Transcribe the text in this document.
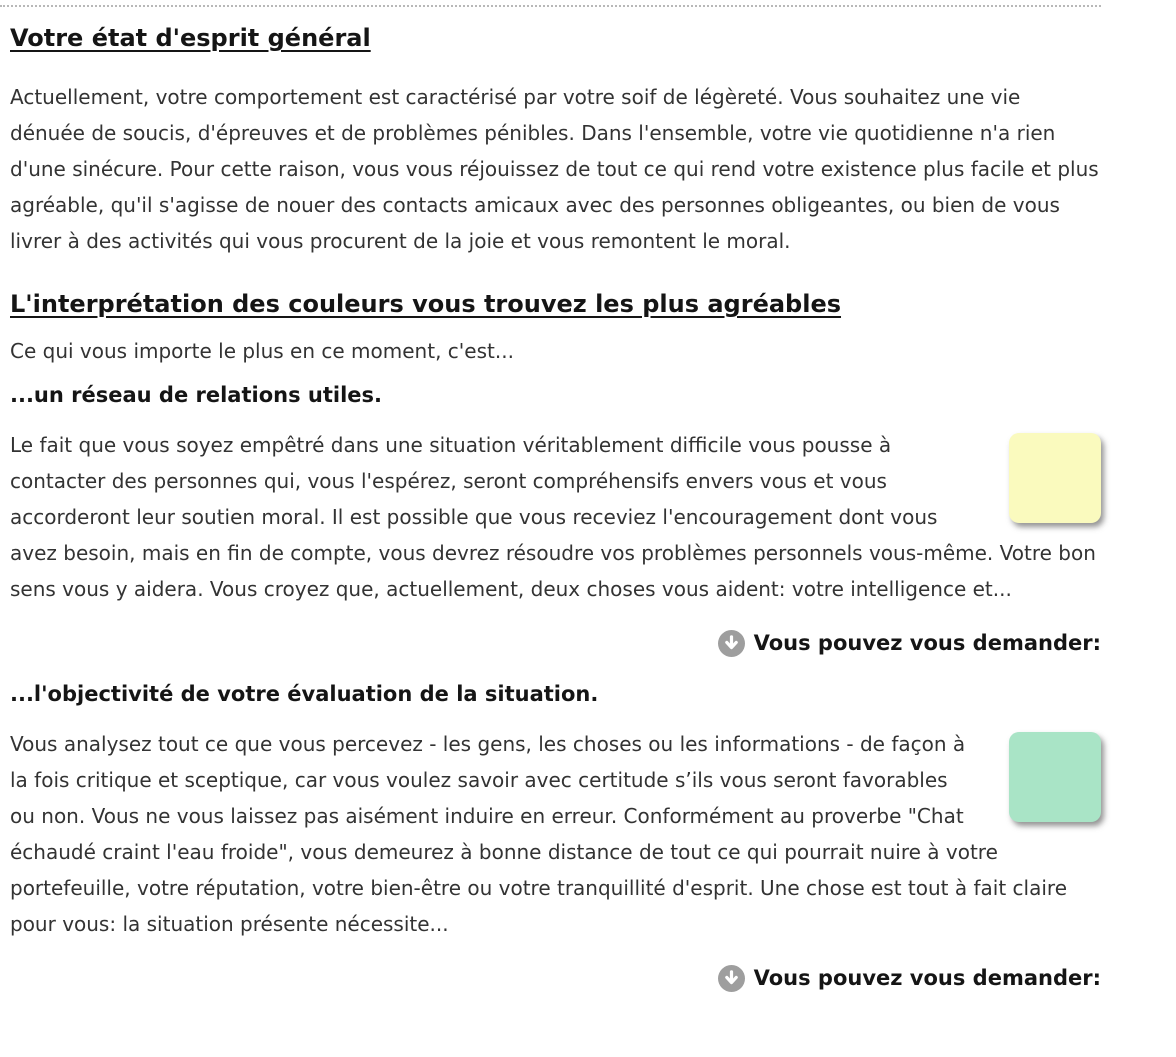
Votre état d'esprit général

Actuellement, votre comportement est caractérisé par votre soif de légèreté. Vous souhaitez une vie dénuée de soucis, d'épreuves et de problèmes pénibles. Dans l'ensemble, votre vie quotidienne n'a rien d'une sinécure. Pour cette raison, vous vous réjouissez de tout ce qui rend votre existence plus facile et plus agréable, qu'il s'agisse de nouer des contacts amicaux avec des personnes obligeantes, ou bien de vous livrer à des activités qui vous procurent de la joie et vous remontent le moral.

L'interprétation des couleurs vous trouvez les plus agréables

Ce qui vous importe le plus en ce moment, c'est...

...un réseau de relations utiles.

Le fait que vous soyez empêtré dans une situation véritablement difficile vous pousse à contacter des personnes qui, vous l'espérez, seront compréhensifs envers vous et vous accorderont leur soutien moral. Il est possible que vous receviez l'encouragement dont vous avez besoin, mais en fin de compte, vous devrez résoudre vos problèmes personnels vous-même. Votre bon sens vous y aidera. Vous croyez que, actuellement, deux choses vous aident: votre intelligence et...

Vous pouvez vous demander:
...l'objectivité de votre évaluation de la situation.

Vous analysez tout ce que vous percevez - les gens, les choses ou les informations - de façon à la fois critique et sceptique, car vous voulez savoir avec certitude s’ils vous seront favorables ou non. Vous ne vous laissez pas aisément induire en erreur. Conformément au proverbe "Chat échaudé craint l'eau froide", vous demeurez à bonne distance de tout ce qui pourrait nuire à votre portefeuille, votre réputation, votre bien-être ou votre tranquillité d'esprit. Une chose est tout à fait claire pour vous: la situation présente nécessite...

Vous pouvez vous demander:
